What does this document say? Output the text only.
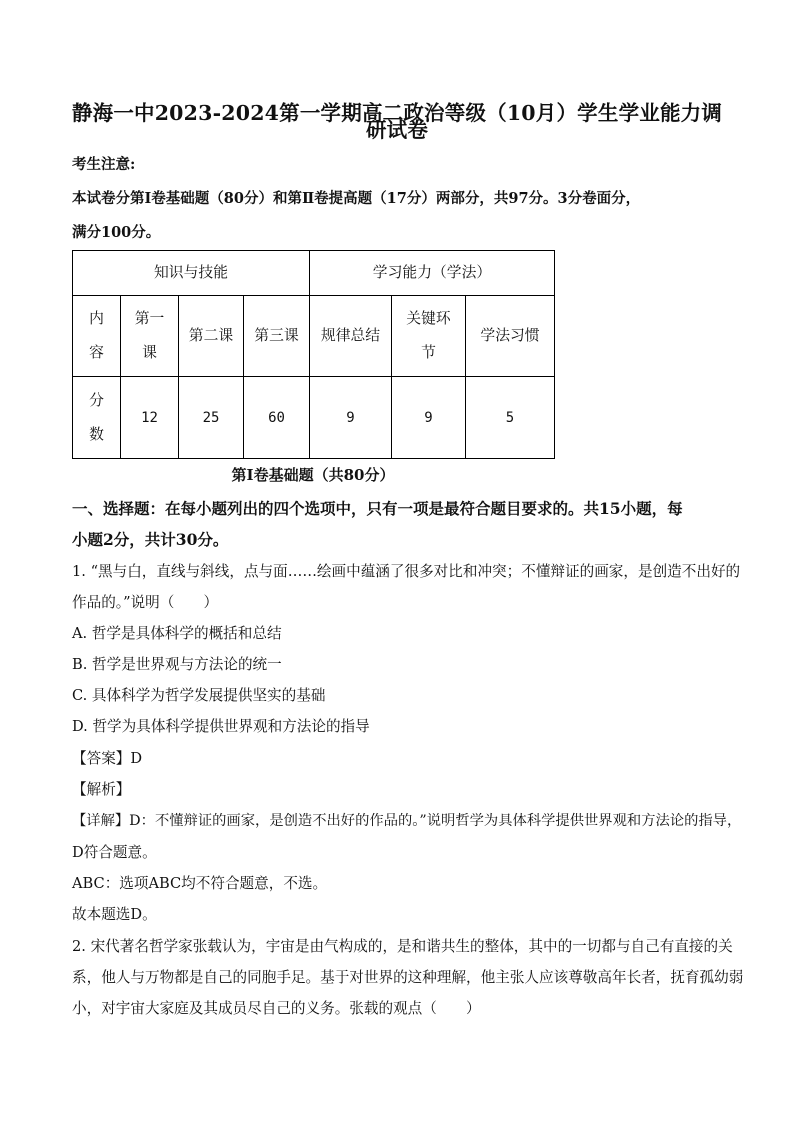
静海一中2023-2024第一学期高二政治等级（10月）学生学业能力调
研试卷
考生注意:
本试卷分第Ⅰ卷基础题（80分）和第Ⅱ卷提高题（17分）两部分，共97分。3分卷面分，
满分100分。
知识与技能				学习能力（学法）		
内容	第一课	第二课	第三课	规律总结	关键环节	学法习惯
分数	12	25	60	9	9	5
第Ⅰ卷基础题（共80分）
一、选择题：在每小题列出的四个选项中，只有一项是最符合题目要求的。共15小题，每
小题2分，共计30分。
1. “黑与白，直线与斜线，点与面……绘画中蕴涵了很多对比和冲突；不懂辩证的画家，是创造不出好的
作品的。”说明（　　）
A. 哲学是具体科学的概括和总结
B. 哲学是世界观与方法论的统一
C. 具体科学为哲学发展提供坚实的基础
D. 哲学为具体科学提供世界观和方法论的指导
【答案】D
【解析】
【详解】D：不懂辩证的画家，是创造不出好的作品的。”说明哲学为具体科学提供世界观和方法论的指导，
D符合题意。
ABC：选项ABC均不符合题意，不选。
故本题选D。
2. 宋代著名哲学家张载认为，宇宙是由气构成的，是和谐共生的整体，其中的一切都与自己有直接的关
系，他人与万物都是自己的同胞手足。基于对世界的这种理解，他主张人应该尊敬高年长者，抚育孤幼弱
小，对宇宙大家庭及其成员尽自己的义务。张载的观点（　　）
